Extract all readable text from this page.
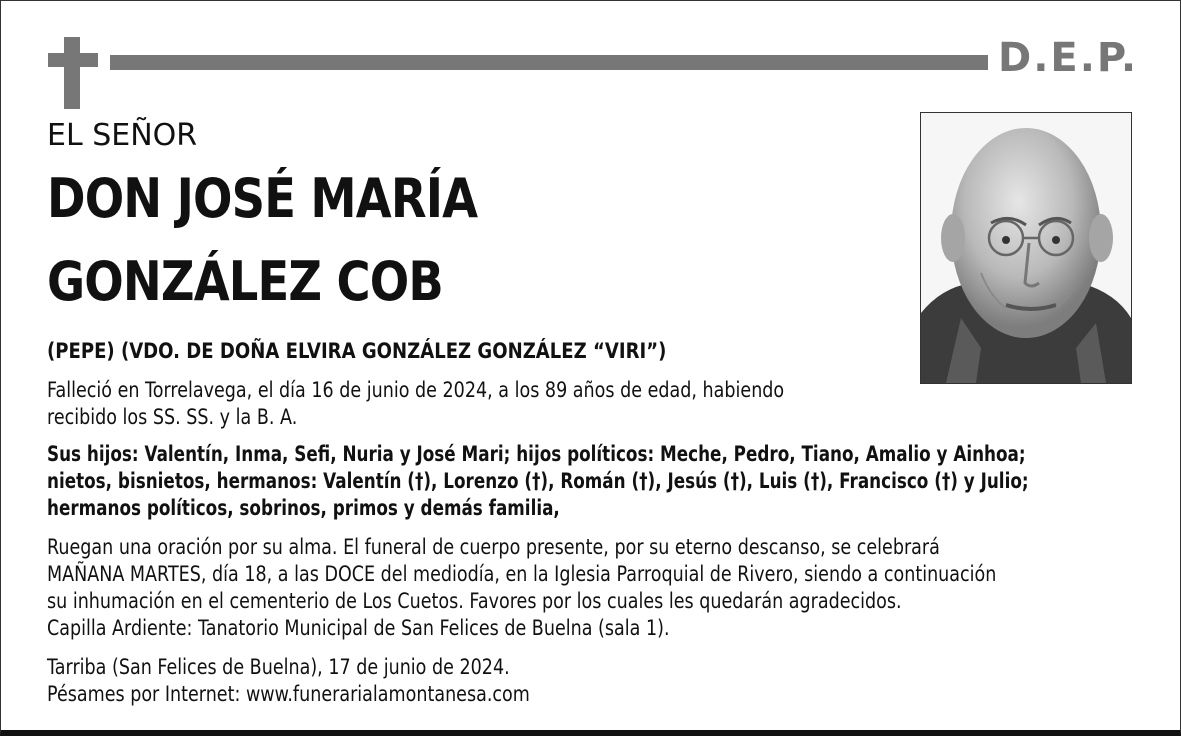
D.E.P.
EL SEÑOR
DON JOSÉ MARÍA
GONZÁLEZ COB
(PEPE) (VDO. DE DOÑA ELVIRA GONZÁLEZ GONZÁLEZ “VIRI”)
Falleció en Torrelavega, el día 16 de junio de 2024, a los 89 años de edad, habiendo
recibido los SS. SS. y la B. A.
Sus hijos: Valentín, Inma, Sefi, Nuria y José Mari; hijos políticos: Meche, Pedro, Tiano, Amalio y Ainhoa;
nietos, bisnietos, hermanos: Valentín (†), Lorenzo (†), Román (†), Jesús (†), Luis (†), Francisco (†) y Julio;
hermanos políticos, sobrinos, primos y demás familia,
Ruegan una oración por su alma. El funeral de cuerpo presente, por su eterno descanso, se celebrará
MAÑANA MARTES, día 18, a las DOCE del mediodía, en la Iglesia Parroquial de Rivero, siendo a continuación
su inhumación en el cementerio de Los Cuetos. Favores por los cuales les quedarán agradecidos.
Capilla Ardiente: Tanatorio Municipal de San Felices de Buelna (sala 1).
Tarriba (San Felices de Buelna), 17 de junio de 2024.
Pésames por Internet: www.funerarialamontanesa.com
